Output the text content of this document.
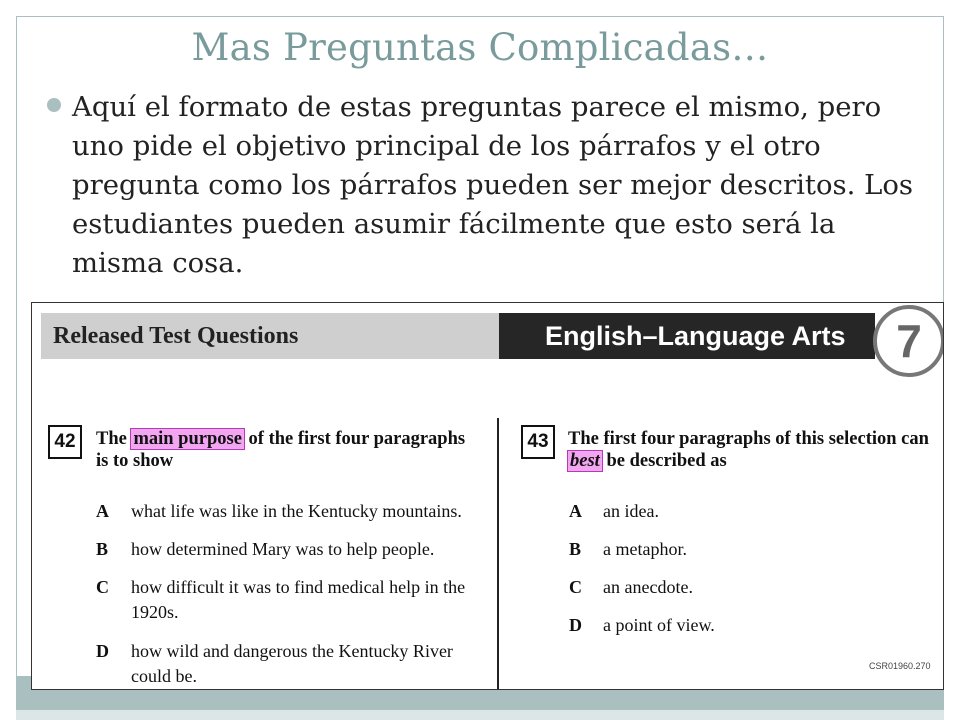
Mas Preguntas Complicadas…
Aquí el formato de estas preguntas parece el mismo, pero uno pide el objetivo principal de los párrafos y el otro pregunta como los párrafos pueden ser mejor descritos. Los estudiantes pueden asumir fácilmente que esto será la misma cosa.
Released Test Questions	English–Language Arts	7
42	The main purpose of the first four paragraphs
is to show
A what life was like in the Kentucky mountains.
B how determined Mary was to help people.
C how difficult it was to find medical help in the
1920s.
D how wild and dangerous the Kentucky River
could be.
43	The first four paragraphs of this selection can
best be described as
A an idea.
B a metaphor.
C an anecdote.
D a point of view.
CSR01960.270
